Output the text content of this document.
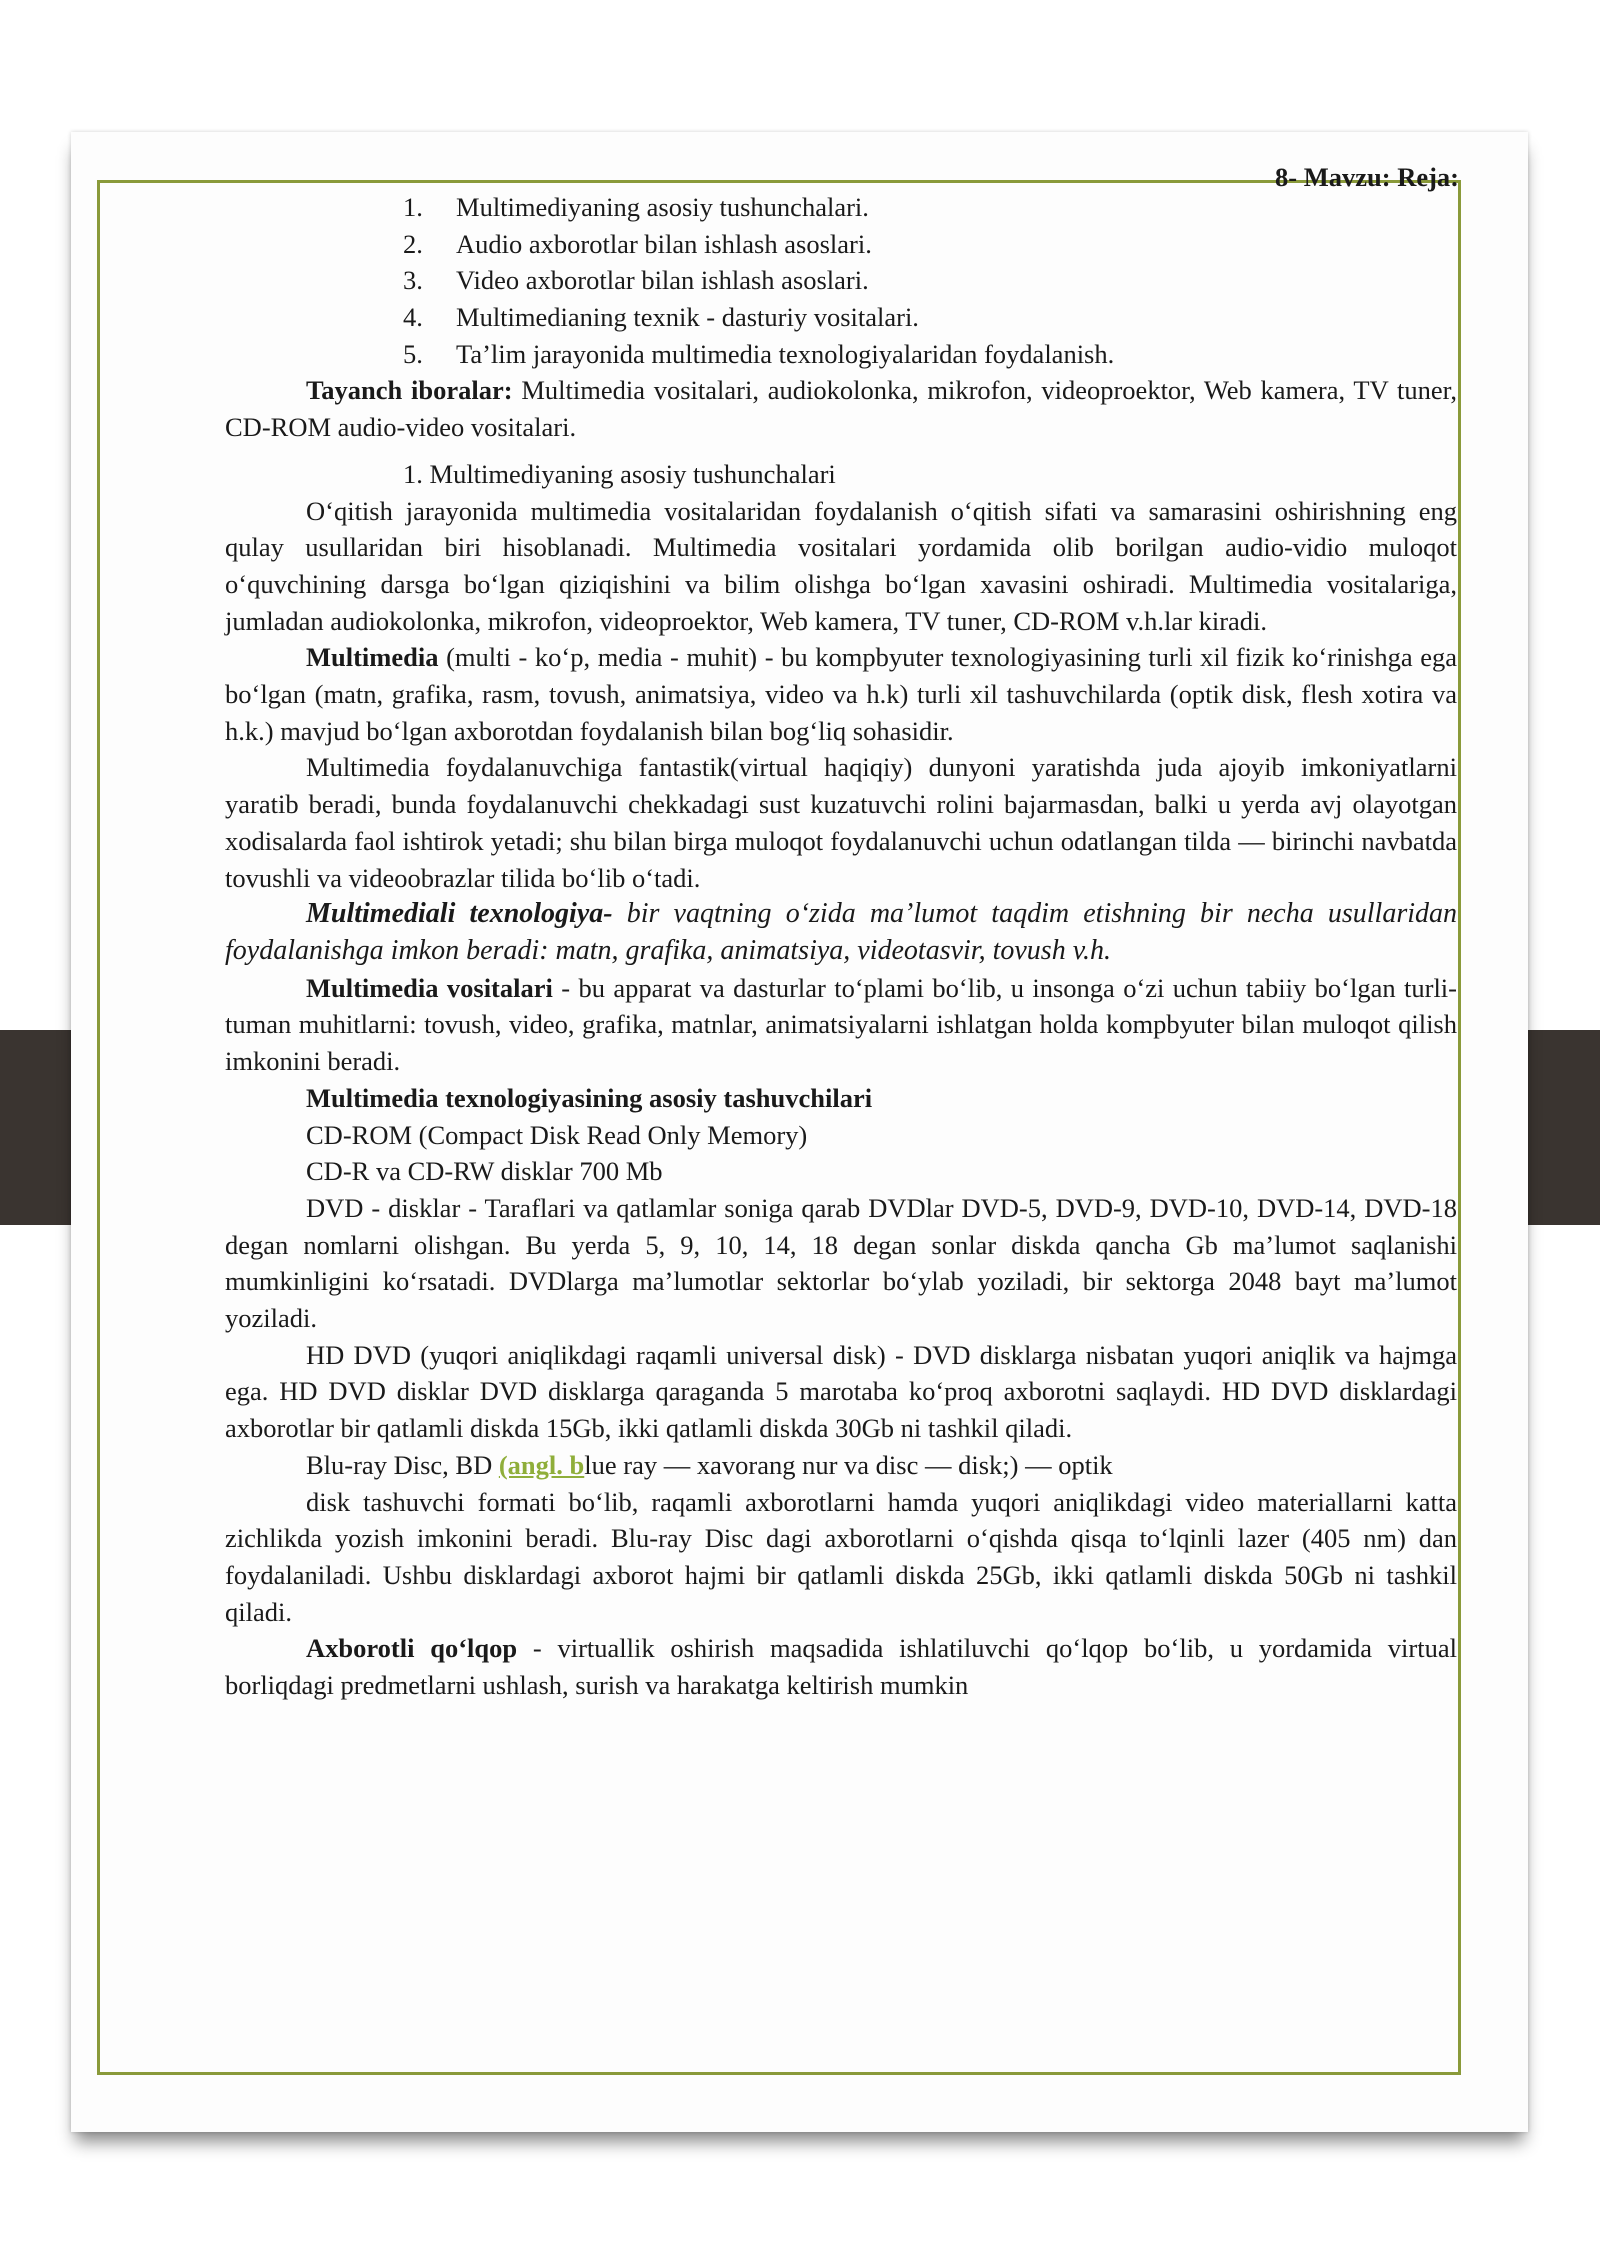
8- Mavzu: Reja:
1. Multimediyaning asosiy tushunchalari.
2. Audio axborotlar bilan ishlash asoslari.
3. Video axborotlar bilan ishlash asoslari.
4. Multimedianing texnik - dasturiy vositalari.
5. Ta’lim jarayonida multimedia texnologiyalaridan foydalanish.

Tayanch iboralar: Multimedia vositalari, audiokolonka, mikrofon, videoproektor, Web kamera, TV tuner, CD-ROM audio-video vositalari.

1. Multimediyaning asosiy tushunchalari

O‘qitish jarayonida multimedia vositalaridan foydalanish o‘qitish sifati va samarasini oshirishning eng qulay usullaridan biri hisoblanadi. Multimedia vositalari yordamida olib borilgan audio-vidio muloqot o‘quvchining darsga bo‘lgan qiziqishini va bilim olishga bo‘lgan xavasini oshiradi. Multimedia vositalariga, jumladan audiokolonka, mikrofon, videoproektor, Web kamera, TV tuner, CD-ROM v.h.lar kiradi.

Multimedia (multi - ko‘p, media - muhit) - bu kompbyuter texnologiyasining turli xil fizik ko‘rinishga ega bo‘lgan (matn, grafika, rasm, tovush, animatsiya, video va h.k) turli xil tashuvchilarda (optik disk, flesh xotira va h.k.) mavjud bo‘lgan axborotdan foydalanish bilan bog‘liq sohasidir.

Multimedia foydalanuvchiga fantastik(virtual haqiqiy) dunyoni yaratishda juda ajoyib imkoniyatlarni yaratib beradi, bunda foydalanuvchi chekkadagi sust kuzatuvchi rolini bajarmasdan, balki u yerda avj olayotgan xodisalarda faol ishtirok yetadi; shu bilan birga muloqot foydalanuvchi uchun odatlangan tilda — birinchi navbatda tovushli va videoobrazlar tilida bo‘lib o‘tadi.

Multimediali texnologiya- bir vaqtning o‘zida ma’lumot taqdim etishning bir necha usullaridan foydalanishga imkon beradi: matn, grafika, animatsiya, videotasvir, tovush v.h.

Multimedia vositalari - bu apparat va dasturlar to‘plami bo‘lib, u insonga o‘zi uchun tabiiy bo‘lgan turli-tuman muhitlarni: tovush, video, grafika, matnlar, animatsiyalarni ishlatgan holda kompbyuter bilan muloqot qilish imkonini beradi.

Multimedia texnologiyasining asosiy tashuvchilari

CD-ROM (Compact Disk Read Only Memory)

CD-R va CD-RW disklar 700 Mb

DVD - disklar - Taraflari va qatlamlar soniga qarab DVDlar DVD-5, DVD-9, DVD-10, DVD-14, DVD-18 degan nomlarni olishgan. Bu yerda 5, 9, 10, 14, 18 degan sonlar diskda qancha Gb ma’lumot saqlanishi mumkinligini ko‘rsatadi. DVDlarga ma’lumotlar sektorlar bo‘ylab yoziladi, bir sektorga 2048 bayt ma’lumot yoziladi.

HD DVD (yuqori aniqlikdagi raqamli universal disk) - DVD disklarga nisbatan yuqori aniqlik va hajmga ega. HD DVD disklar DVD disklarga qaraganda 5 marotaba ko‘proq axborotni saqlaydi. HD DVD disklardagi axborotlar bir qatlamli diskda 15Gb, ikki qatlamli diskda 30Gb ni tashkil qiladi.

Blu-ray Disc, BD (angl. blue ray — xavorang nur va disc — disk;) — optik

disk tashuvchi formati bo‘lib, raqamli axborotlarni hamda yuqori aniqlikdagi video materiallarni katta zichlikda yozish imkonini beradi. Blu-ray Disc dagi axborotlarni o‘qishda qisqa to‘lqinli lazer (405 nm) dan foydalaniladi. Ushbu disklardagi axborot hajmi bir qatlamli diskda 25Gb, ikki qatlamli diskda 50Gb ni tashkil qiladi.

Axborotli qo‘lqop - virtuallik oshirish maqsadida ishlatiluvchi qo‘lqop bo‘lib, u yordamida virtual borliqdagi predmetlarni ushlash, surish va harakatga keltirish mumkin
